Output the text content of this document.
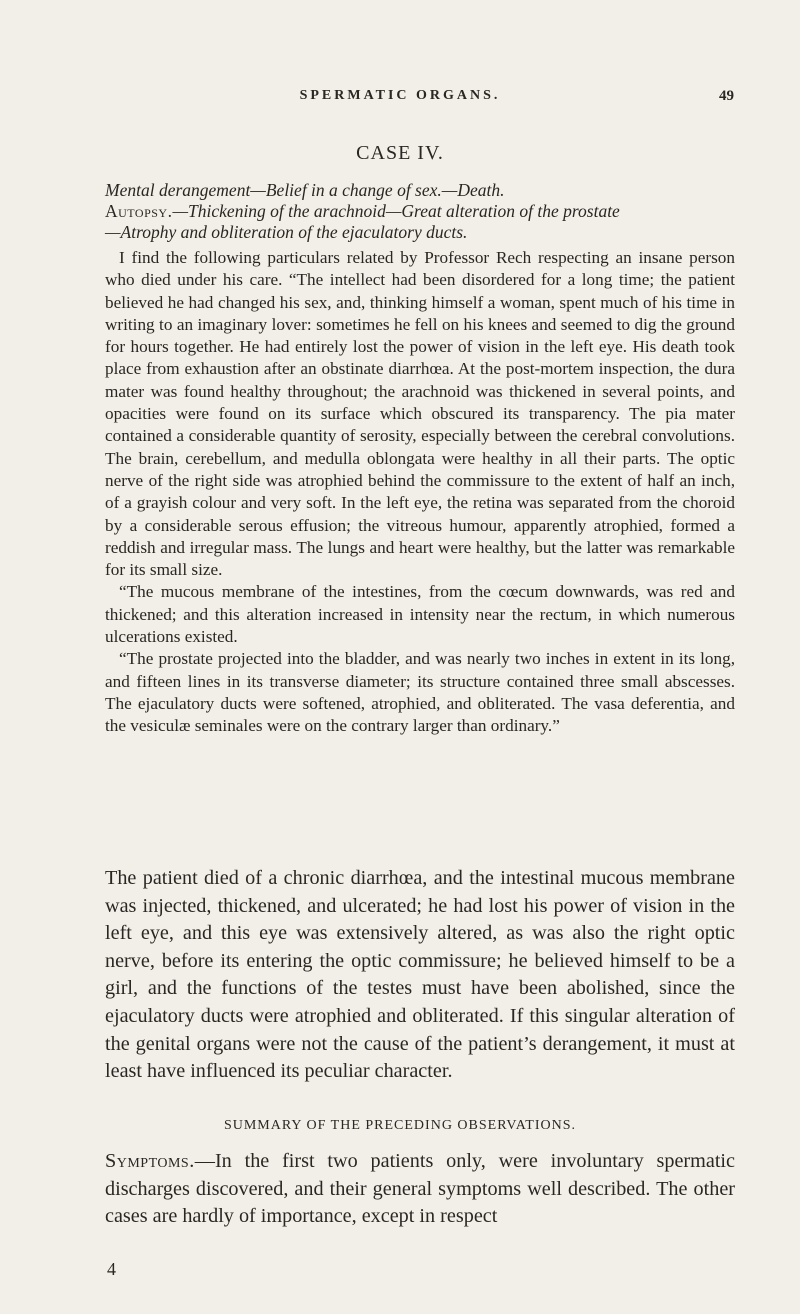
SPERMATIC ORGANS.	49
CASE IV.
Mental derangement—Belief in a change of sex.—Death.
Autopsy.—Thickening of the arachnoid—Great alteration of the prostate
—Atrophy and obliteration of the ejaculatory ducts.

I find the following particulars related by Professor Rech respecting an insane person who died under his care. “The intellect had been disordered for a long time; the patient believed he had changed his sex, and, thinking himself a woman, spent much of his time in writing to an imaginary lover: sometimes he fell on his knees and seemed to dig the ground for hours together. He had entirely lost the power of vision in the left eye. His death took place from exhaustion after an obstinate diarrhœa. At the post-mortem inspection, the dura mater was found healthy throughout; the arachnoid was thickened in several points, and opacities were found on its surface which obscured its transparency. The pia mater contained a considerable quantity of serosity, especially between the cerebral convolutions. The brain, cerebellum, and medulla oblongata were healthy in all their parts. The optic nerve of the right side was atrophied behind the commissure to the extent of half an inch, of a grayish colour and very soft. In the left eye, the retina was separated from the choroid by a considerable serous effusion; the vitreous humour, apparently atrophied, formed a reddish and irregular mass. The lungs and heart were healthy, but the latter was remarkable for its small size.

“The mucous membrane of the intestines, from the cœcum downwards, was red and thickened; and this alteration increased in intensity near the rectum, in which numerous ulcerations existed.

“The prostate projected into the bladder, and was nearly two inches in extent in its long, and fifteen lines in its transverse diameter; its structure contained three small abscesses. The ejaculatory ducts were softened, atrophied, and obliterated. The vasa deferentia, and the vesiculæ seminales were on the contrary larger than ordinary.”

The patient died of a chronic diarrhœa, and the intestinal mucous membrane was injected, thickened, and ulcerated; he had lost his power of vision in the left eye, and this eye was extensively altered, as was also the right optic nerve, before its entering the optic commissure; he believed himself to be a girl, and the functions of the testes must have been abolished, since the ejaculatory ducts were atrophied and obliterated. If this singular alteration of the genital organs were not the cause of the patient’s derangement, it must at least have influenced its peculiar character.

SUMMARY OF THE PRECEDING OBSERVATIONS.

Symptoms.—In the first two patients only, were involuntary spermatic discharges discovered, and their general symptoms well described. The other cases are hardly of importance, except in respect

4
